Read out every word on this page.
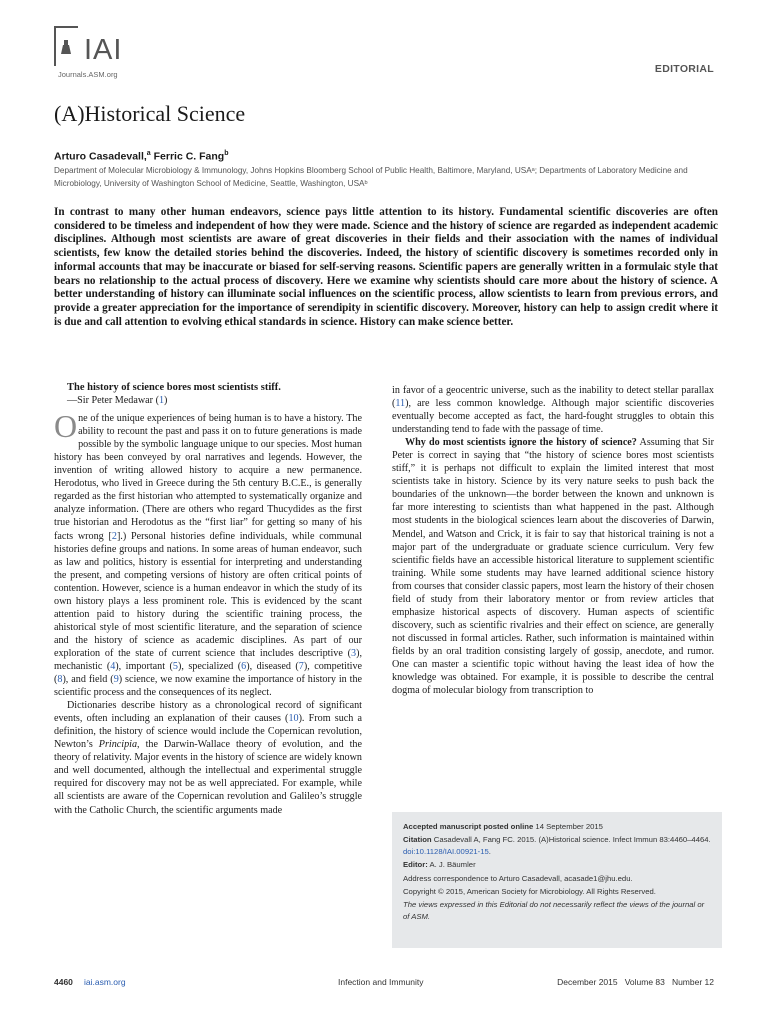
IAI
Journals.ASM.org	EDITORIAL
(A)Historical Science
Arturo Casadevall,$^a$ Ferric C. Fang$^b$
Department of Molecular Microbiology & Immunology, Johns Hopkins Bloomberg School of Public Health, Baltimore, Maryland, USAᵃ; Departments of Laboratory Medicine and Microbiology, University of Washington School of Medicine, Seattle, Washington, USAᵇ
In contrast to many other human endeavors, science pays little attention to its history. Fundamental scientific discoveries are often considered to be timeless and independent of how they were made. Science and the history of science are regarded as independent academic disciplines. Although most scientists are aware of great discoveries in their fields and their association with the names of individual scientists, few know the detailed stories behind the discoveries. Indeed, the history of scientific discovery is sometimes recorded only in informal accounts that may be inaccurate or biased for self-serving reasons. Scientific papers are generally written in a formulaic style that bears no relationship to the actual process of discovery. Here we examine why scientists should care more about the history of science. A better understanding of history can illuminate social influences on the scientific process, allow scientists to learn from previous errors, and provide a greater appreciation for the importance of serendipity in scientific discovery. Moreover, history can help to assign credit where it is due and call attention to evolving ethical standards in science. History can make science better.

The history of science bores most scientists stiff.

—Sir Peter Medawar (1)

One of the unique experiences of being human is to have a history. The ability to recount the past and pass it on to future generations is made possible by the symbolic language unique to our species. Most human history has been conveyed by oral narratives and legends. However, the invention of writing allowed history to acquire a new permanence. Herodotus, who lived in Greece during the 5th century B.C.E., is generally regarded as the first historian who attempted to systematically organize and analyze information. (There are others who regard Thucydides as the first true historian and Herodotus as the “first liar” for getting so many of his facts wrong [2].) Personal histories define individuals, while communal histories define groups and nations. In some areas of human endeavor, such as law and politics, history is essential for interpreting and understanding the present, and competing versions of history are often critical points of contention. However, science is a human endeavor in which the study of its own history plays a less prominent role. This is evidenced by the scant attention paid to history during the scientific training process, the ahistorical style of most scientific literature, and the separation of science and the history of science as academic disciplines. As part of our exploration of the state of current science that includes descriptive (3), mechanistic (4), important (5), specialized (6), diseased (7), competitive (8), and field (9) science, we now examine the importance of history in the scientific process and the consequences of its neglect.

Dictionaries describe history as a chronological record of significant events, often including an explanation of their causes (10). From such a definition, the history of science would include the Copernican revolution, Newton’s Principia, the Darwin-Wallace theory of evolution, and the theory of relativity. Major events in the history of science are widely known and well documented, although the intellectual and experimental struggle required for discovery may not be as well appreciated. For example, while all scientists are aware of the Copernican revolution and Galileo’s struggle with the Catholic Church, the scientific arguments made

in favor of a geocentric universe, such as the inability to detect stellar parallax (11), are less common knowledge. Although major scientific discoveries eventually become accepted as fact, the hard-fought struggles to obtain this understanding tend to fade with the passage of time.

Why do most scientists ignore the history of science? Assuming that Sir Peter is correct in saying that “the history of science bores most scientists stiff,” it is perhaps not difficult to explain the limited interest that most scientists take in history. Science by its very nature seeks to push back the boundaries of the unknown—the border between the known and unknown is far more interesting to scientists than what happened in the past. Although most students in the biological sciences learn about the discoveries of Darwin, Mendel, and Watson and Crick, it is fair to say that historical training is not a major part of the undergraduate or graduate science curriculum. Very few scientific fields have an accessible historical literature to supplement scientific training. While some students may have learned additional science history from courses that consider classic papers, most learn the history of their chosen field of study from their laboratory mentor or from review articles that emphasize historical aspects of discovery. Human aspects of scientific discovery, such as scientific rivalries and their effect on science, are generally not discussed in formal articles. Rather, such information is maintained within fields by an oral tradition consisting largely of gossip, anecdote, and rumor. One can master a scientific topic without having the least idea of how the knowledge was obtained. For example, it is possible to describe the central dogma of molecular biology from transcription to

Accepted manuscript posted online 14 September 2015

Citation Casadevall A, Fang FC. 2015. (A)Historical science. Infect Immun 83:4460–4464. doi:10.1128/IAI.00921-15.

Editor: A. J. Bäumler

Address correspondence to Arturo Casadevall, acasade1@jhu.edu.

Copyright © 2015, American Society for Microbiology. All Rights Reserved.

The views expressed in this Editorial do not necessarily reflect the views of the journal or of ASM.

4460 iai.asm.org	Infection and Immunity	December 2015   Volume 83   Number 12
